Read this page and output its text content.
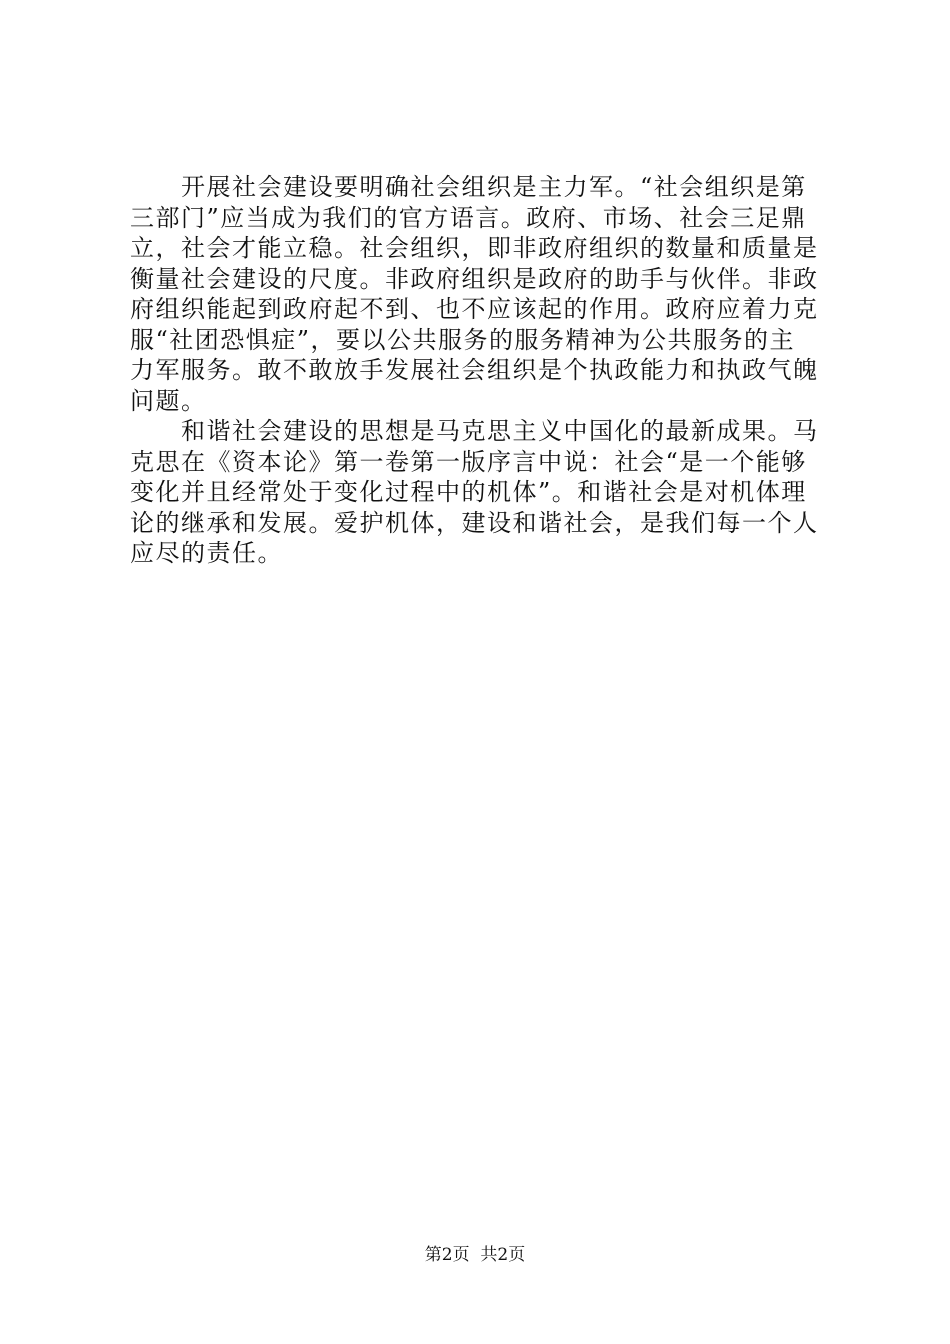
开展社会建设要明确社会组织是主力军。“社会组织是第
三部门”应当成为我们的官方语言。政府、市场、社会三足鼎
立，社会才能立稳。社会组织，即非政府组织的数量和质量是
衡量社会建设的尺度。非政府组织是政府的助手与伙伴。非政
府组织能起到政府起不到、也不应该起的作用。政府应着力克
服“社团恐惧症”，要以公共服务的服务精神为公共服务的主
力军服务。敢不敢放手发展社会组织是个执政能力和执政气魄
问题。
和谐社会建设的思想是马克思主义中国化的最新成果。马
克思在《资本论》第一卷第一版序言中说：社会“是一个能够
变化并且经常处于变化过程中的机体”。和谐社会是对机体理
论的继承和发展。爱护机体，建设和谐社会，是我们每一个人
应尽的责任。
第2页  共2页
